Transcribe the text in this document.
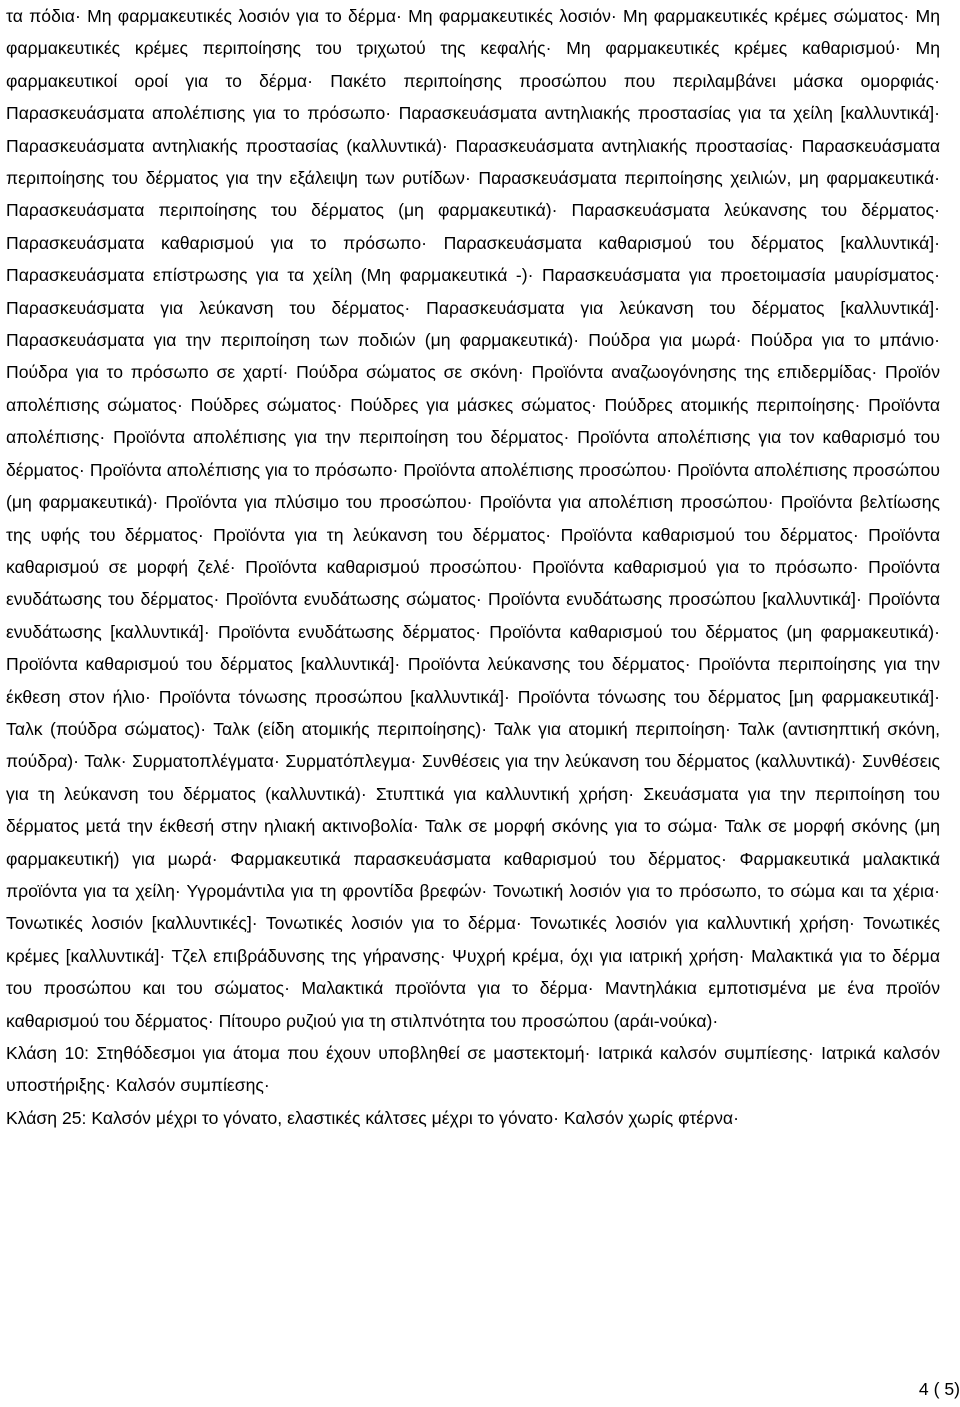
τα πόδια· Μη φαρμακευτικές λοσιόν για το δέρμα· Μη φαρμακευτικές λοσιόν· Μη φαρμακευτικές κρέμες σώματος· Μη φαρμακευτικές κρέμες περιποίησης του τριχωτού της κεφαλής· Μη φαρμακευτικές κρέμες καθαρισμού· Μη φαρμακευτικοί οροί για το δέρμα· Πακέτο περιποίησης προσώπου που περιλαμβάνει μάσκα ομορφιάς· Παρασκευάσματα απολέπισης για το πρόσωπο· Παρασκευάσματα αντηλιακής προστασίας για τα χείλη [καλλυντικά]· Παρασκευάσματα αντηλιακής προστασίας (καλλυντικά)· Παρασκευάσματα αντηλιακής προστασίας· Παρασκευάσματα περιποίησης του δέρματος για την εξάλειψη των ρυτίδων· Παρασκευάσματα περιποίησης χειλιών, μη φαρμακευτικά· Παρασκευάσματα περιποίησης του δέρματος (μη φαρμακευτικά)· Παρασκευάσματα λεύκανσης του δέρματος· Παρασκευάσματα καθαρισμού για το πρόσωπο· Παρασκευάσματα καθαρισμού του δέρματος [καλλυντικά]· Παρασκευάσματα επίστρωσης για τα χείλη (Μη φαρμακευτικά -)· Παρασκευάσματα για προετοιμασία μαυρίσματος· Παρασκευάσματα για λεύκανση του δέρματος· Παρασκευάσματα για λεύκανση του δέρματος [καλλυντικά]· Παρασκευάσματα για την περιποίηση των ποδιών (μη φαρμακευτικά)· Πούδρα για μωρά· Πούδρα για το μπάνιο· Πούδρα για το πρόσωπο σε χαρτί· Πούδρα σώματος σε σκόνη· Προϊόντα αναζωογόνησης της επιδερμίδας· Προϊόν απολέπισης σώματος· Πούδρες σώματος· Πούδρες για μάσκες σώματος· Πούδρες ατομικής περιποίησης· Προϊόντα απολέπισης· Προϊόντα απολέπισης για την περιποίηση του δέρματος· Προϊόντα απολέπισης για τον καθαρισμό του δέρματος· Προϊόντα απολέπισης για το πρόσωπο· Προϊόντα απολέπισης προσώπου· Προϊόντα απολέπισης προσώπου (μη φαρμακευτικά)· Προϊόντα για πλύσιμο του προσώπου· Προϊόντα για απολέπιση προσώπου· Προϊόντα βελτίωσης της υφής του δέρματος· Προϊόντα για τη λεύκανση του δέρματος· Προϊόντα καθαρισμού του δέρματος· Προϊόντα καθαρισμού σε μορφή ζελέ· Προϊόντα καθαρισμού προσώπου· Προϊόντα καθαρισμού για το πρόσωπο· Προϊόντα ενυδάτωσης του δέρματος· Προϊόντα ενυδάτωσης σώματος· Προϊόντα ενυδάτωσης προσώπου [καλλυντικά]· Προϊόντα ενυδάτωσης [καλλυντικά]· Προϊόντα ενυδάτωσης δέρματος· Προϊόντα καθαρισμού του δέρματος (μη φαρμακευτικά)· Προϊόντα καθαρισμού του δέρματος [καλλυντικά]· Προϊόντα λεύκανσης του δέρματος· Προϊόντα περιποίησης για την έκθεση στον ήλιο· Προϊόντα τόνωσης προσώπου [καλλυντικά]· Προϊόντα τόνωσης του δέρματος [μη φαρμακευτικά]· Ταλκ (πούδρα σώματος)· Ταλκ (είδη ατομικής περιποίησης)· Ταλκ για ατομική περιποίηση· Ταλκ (αντισηπτική σκόνη, πούδρα)· Ταλκ· Συρματοπλέγματα· Συρματόπλεγμα· Συνθέσεις για την λεύκανση του δέρματος (καλλυντικά)· Συνθέσεις για τη λεύκανση του δέρματος (καλλυντικά)· Στυπτικά για καλλυντική χρήση· Σκευάσματα για την περιποίηση του δέρματος μετά την έκθεσή στην ηλιακή ακτινοβολία· Ταλκ σε μορφή σκόνης για το σώμα· Ταλκ σε μορφή σκόνης (μη φαρμακευτική) για μωρά· Φαρμακευτικά παρασκευάσματα καθαρισμού του δέρματος· Φαρμακευτικά μαλακτικά προϊόντα για τα χείλη· Υγρομάντιλα για τη φροντίδα βρεφών· Τονωτική λοσιόν για το πρόσωπο, το σώμα και τα χέρια· Τονωτικές λοσιόν [καλλυντικές]· Τονωτικές λοσιόν για το δέρμα· Τονωτικές λοσιόν για καλλυντική χρήση· Τονωτικές κρέμες [καλλυντικά]· Τζελ επιβράδυνσης της γήρανσης· Ψυχρή κρέμα, όχι για ιατρική χρήση· Μαλακτικά για το δέρμα του προσώπου και του σώματος· Μαλακτικά προϊόντα για το δέρμα· Μαντηλάκια εμποτισμένα με ένα προϊόν καθαρισμού του δέρματος· Πίτουρο ρυζιού για τη στιλπνότητα του προσώπου (αράι-νούκα)·

Κλάση 10: Στηθόδεσμοι για άτομα που έχουν υποβληθεί σε μαστεκτομή· Ιατρικά καλσόν συμπίεσης· Ιατρικά καλσόν υποστήριξης· Καλσόν συμπίεσης·

Κλάση 25: Καλσόν μέχρι το γόνατο, ελαστικές κάλτσες μέχρι το γόνατο· Καλσόν χωρίς φτέρνα·

4 ( 5)
